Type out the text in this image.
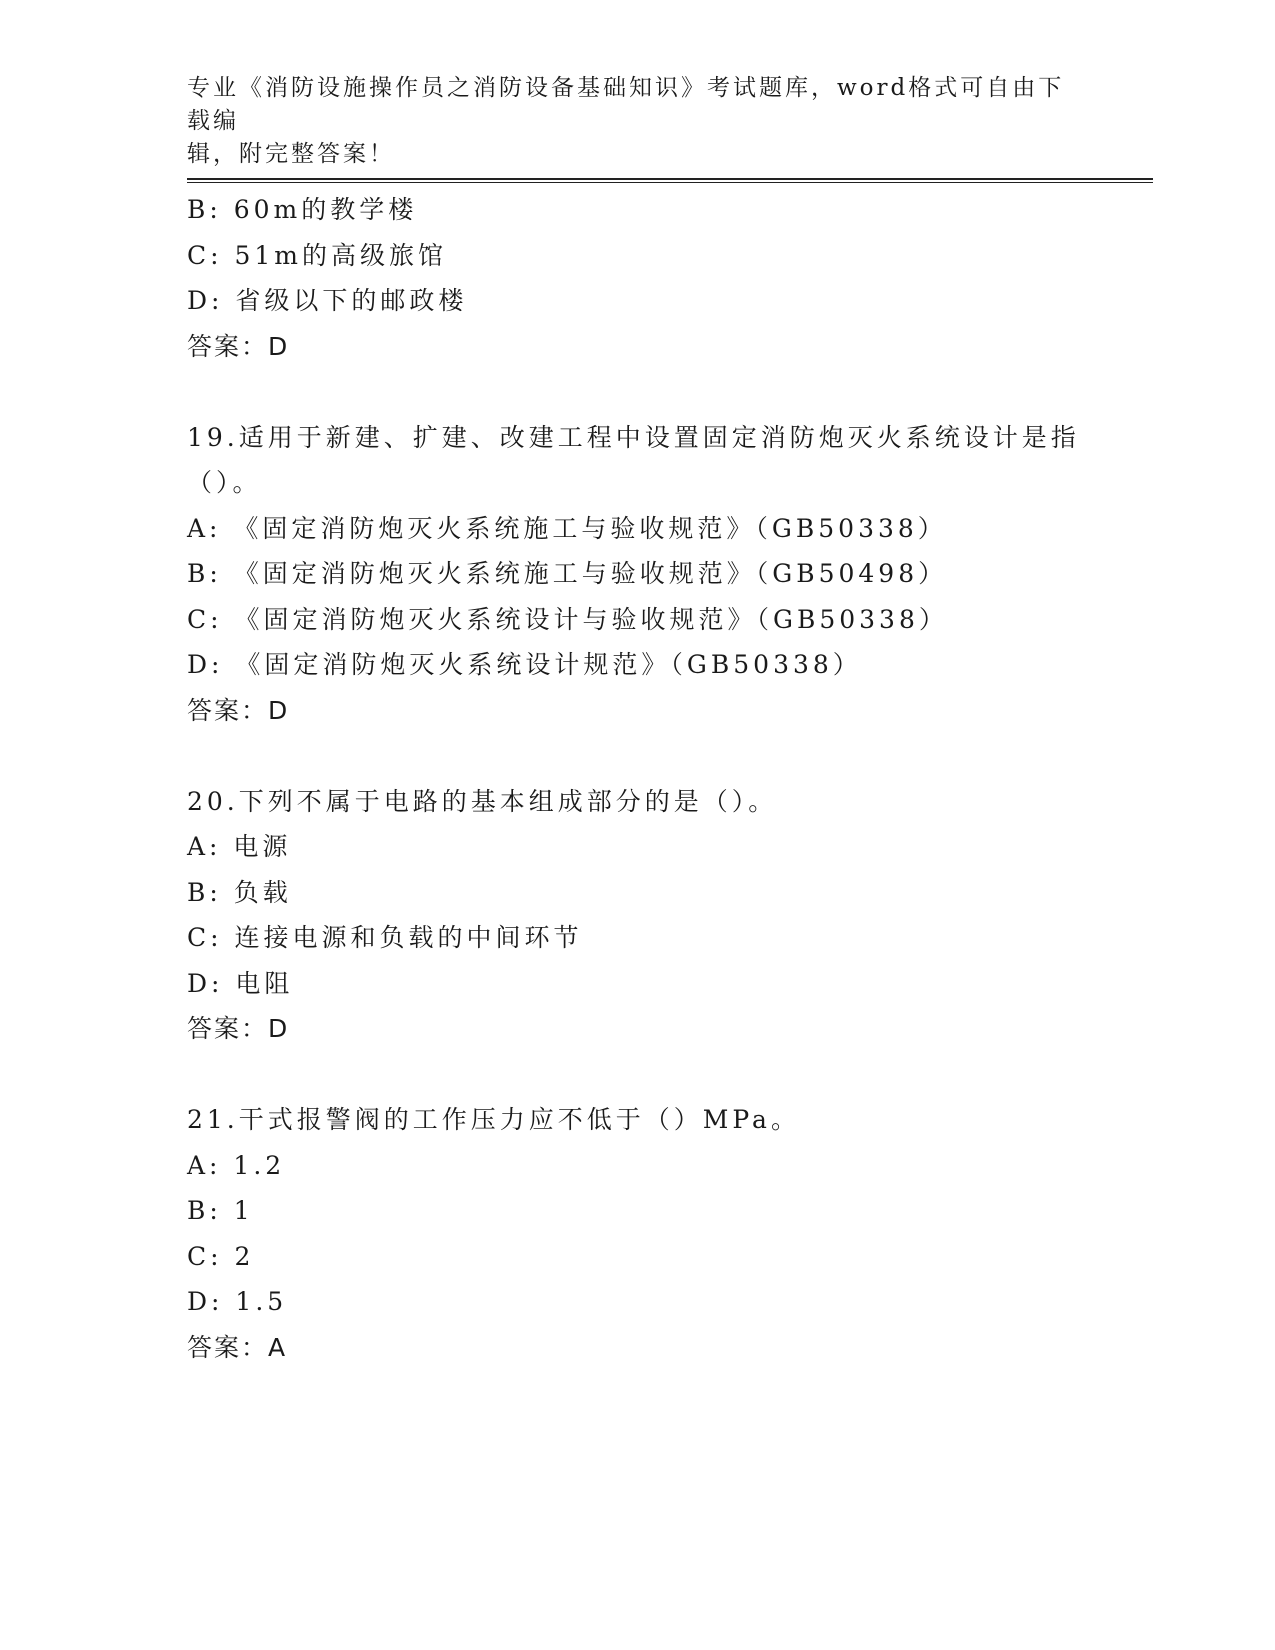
专业《消防设施操作员之消防设备基础知识》考试题库，word格式可自由下载编
辑，附完整答案！
B: 60m的教学楼
C: 51m的高级旅馆
D: 省级以下的邮政楼
答案：D
19.适用于新建、扩建、改建工程中设置固定消防炮灭火系统设计是指
（）。
A: 《固定消防炮灭火系统施工与验收规范》（GB50338）
B: 《固定消防炮灭火系统施工与验收规范》（GB50498）
C: 《固定消防炮灭火系统设计与验收规范》（GB50338）
D: 《固定消防炮灭火系统设计规范》（GB50338）
答案：D
20.下列不属于电路的基本组成部分的是（）。
A: 电源
B: 负载
C: 连接电源和负载的中间环节
D: 电阻
答案：D
21.干式报警阀的工作压力应不低于（）MPa。
A: 1.2
B: 1
C: 2
D: 1.5
答案：A
